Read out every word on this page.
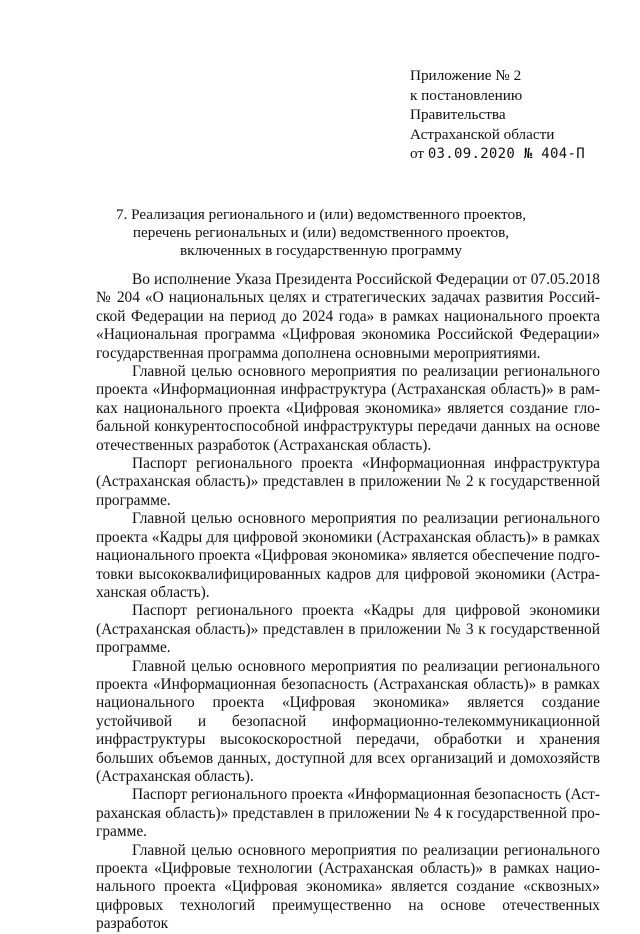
Приложение № 2
к постановлению
Правительства
Астраханской области
от 03.09.2020 № 404-П
7. Реализация регионального и (или) ведомственного проектов, перечень региональных и (или) ведомственного проектов, включенных в государственную программу

Во исполнение Указа Президента Российской Федерации от 07.05.2018 № 204 «О национальных целях и стратегических задачах развития Российской Федерации на период до 2024 года» в рамках национального проекта «Национальная программа «Цифровая экономика Российской Федерации» государственная программа дополнена основными мероприятиями.

Главной целью основного мероприятия по реализации регионального проекта «Информационная инфраструктура (Астраханская область)» в рамках национального проекта «Цифровая экономика» является создание глобальной конкурентоспособной инфраструктуры передачи данных на основе отечественных разработок (Астраханская область).

Паспорт регионального проекта «Информационная инфраструктура (Астраханская область)» представлен в приложении № 2 к государственной программе.

Главной целью основного мероприятия по реализации регионального проекта «Кадры для цифровой экономики (Астраханская область)» в рамках национального проекта «Цифровая экономика» является обеспечение подготовки высококвалифицированных кадров для цифровой экономики (Астраханская область).

Паспорт регионального проекта «Кадры для цифровой экономики (Астраханская область)» представлен в приложении № 3 к государственной программе.

Главной целью основного мероприятия по реализации регионального проекта «Информационная безопасность (Астраханская область)» в рамках национального проекта «Цифровая экономика» является создание устойчивой и безопасной информационно-телекоммуникационной инфраструктуры высокоскоростной передачи, обработки и хранения больших объемов данных, доступной для всех организаций и домохозяйств (Астраханская область).

Паспорт регионального проекта «Информационная безопасность (Астраханская область)» представлен в приложении № 4 к государственной программе.

Главной целью основного мероприятия по реализации регионального проекта «Цифровые технологии (Астраханская область)» в рамках национального проекта «Цифровая экономика» является создание «сквозных» цифровых технологий преимущественно на основе отечественных разработок
